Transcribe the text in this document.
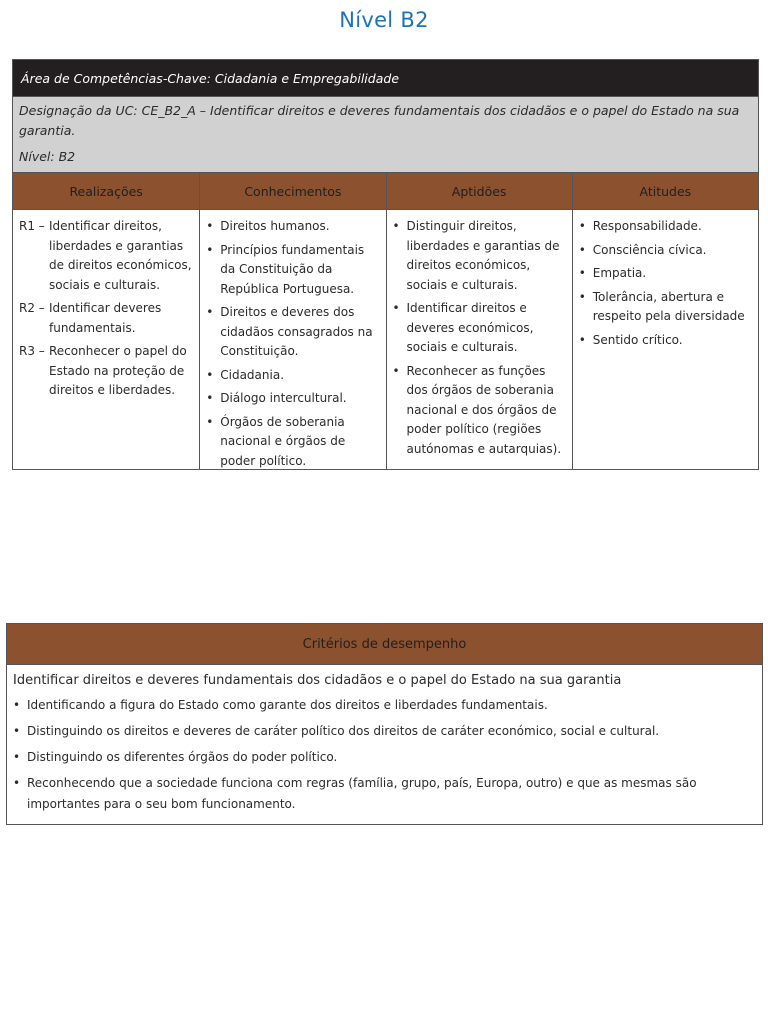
Nível B2
Área de Competências-Chave: Cidadania e Empregabilidade
Designação da UC: CE_B2_A – Identificar direitos e deveres fundamentais dos cidadãos e o papel do Estado na sua garantia.
Nível: B2
Realizações
R1 – Identificar direitos, liberdades e garantias de direitos económicos, sociais e culturais.
R2 – Identificar deveres fundamentais.
R3 – Reconhecer o papel do Estado na proteção de direitos e liberdades.
Conhecimentos
• Direitos humanos.
• Princípios fundamentais da Constituição da República Portuguesa.
• Direitos e deveres dos cidadãos consagrados na Constituição.
• Cidadania.
• Diálogo intercultural.
• Órgãos de soberania nacional e órgãos de poder político.
Aptidões
• Distinguir direitos, liberdades e garantias de direitos económicos, sociais e culturais.
• Identificar direitos e deveres económicos, sociais e culturais.
• Reconhecer as funções dos órgãos de soberania nacional e dos órgãos de poder político (regiões autónomas e autarquias).
Atitudes
• Responsabilidade.
• Consciência cívica.
• Empatia.
• Tolerância, abertura e respeito pela diversidade
• Sentido crítico.
Critérios de desempenho
Identificar direitos e deveres fundamentais dos cidadãos e o papel do Estado na sua garantia
• Identificando a figura do Estado como garante dos direitos e liberdades fundamentais.
• Distinguindo os direitos e deveres de caráter político dos direitos de caráter económico, social e cultural.
• Distinguindo os diferentes órgãos do poder político.
• Reconhecendo que a sociedade funciona com regras (família, grupo, país, Europa, outro) e que as mesmas são importantes para o seu bom funcionamento.
